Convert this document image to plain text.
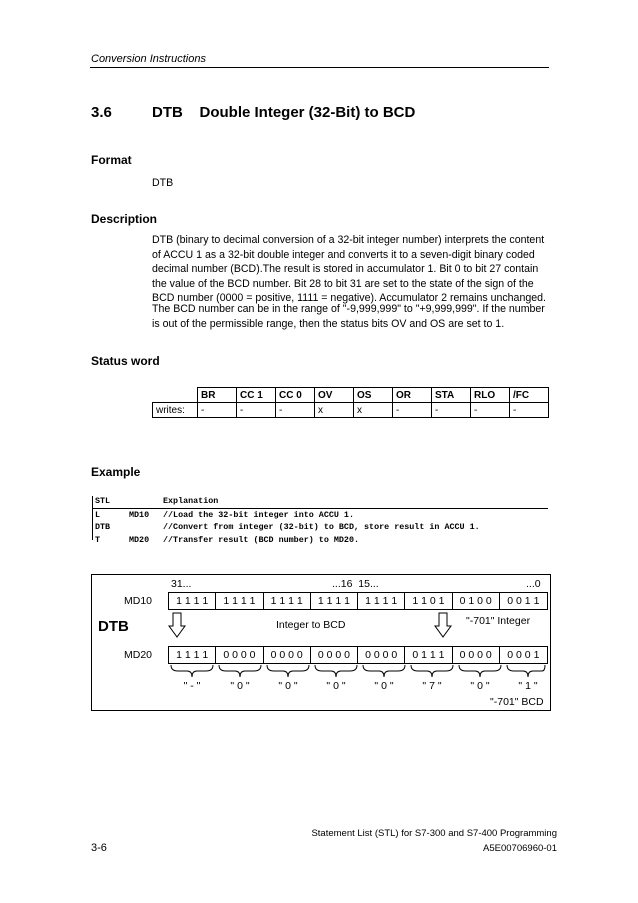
Conversion Instructions
3.6	DTB    Double Integer (32-Bit) to BCD
Format
DTB
Description
DTB (binary to decimal conversion of a 32-bit integer number) interprets the content of ACCU 1 as a 32-bit double integer and converts it to a seven-digit binary coded decimal number (BCD).The result is stored in accumulator 1. Bit 0 to bit 27 contain the value of the BCD number. Bit 28 to bit 31 are set to the state of the sign of the BCD number (0000 = positive, 1111 = negative). Accumulator 2 remains unchanged.
The BCD number can be in the range of "-9,999,999" to "+9,999,999". If the number is out of the permissible range, then the status bits OV and OS are set to 1.
Status word
	BR	CC 1	CC 0	OV	OS	OR	STA	RLO	/FC
writes:	-	-	-	x	x	-	-	-	-
Example
STL	Explanation
L	MD10	//Load the 32-bit integer into ACCU 1.
DTB	//Convert from integer (32-bit) to BCD, store result in ACCU 1.
T	MD20	//Transfer result (BCD number) to MD20.
31...	...16  15...	...0
MD10	1 1 1 1	1 1 1 1	1 1 1 1	1 1 1 1	1 1 1 1	1 1 0 1	0 1 0 0	0 0 1 1
DTB	Integer to BCD	"-701" Integer
MD20	1 1 1 1	0 0 0 0	0 0 0 0	0 0 0 0	0 0 0 0	0 1 1 1	0 0 0 0	0 0 0 1
" - "	" 0 "	" 0 "	" 0 "	" 0 "	" 7 "	" 0 "	" 1 "
"-701" BCD
Statement List (STL) for S7-300 and S7-400 Programming
A5E00706960-01
3-6
